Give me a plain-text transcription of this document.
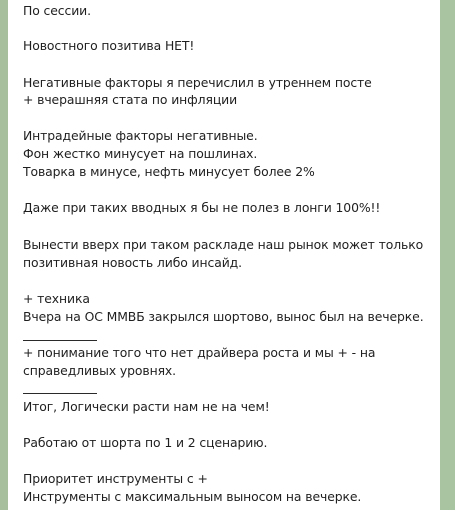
По сессии.
Новостного позитива НЕТ!
Негативные факторы я перечислил в утреннем посте
+ вчерашняя стата по инфляции
Интрадейные факторы негативные.
Фон жестко минусует на пошлинах.
Товарка в минусе, нефть минусует более 2%
Даже при таких вводных я бы не полез в лонги 100%!!
Вынести вверх при таком раскладе наш рынок может только
позитивная новость либо инсайд.
+ техника
Вчера на ОС ММВБ закрылся шортово, вынос был на вечерке.
+ понимание того что нет драйвера роста и мы + - на
справедливых уровнях.
Итог, Логически расти нам не на чем!
Работаю от шорта по 1 и 2 сценарию.
Приоритет инструменты с +
Инструменты с максимальным выносом на вечерке.
